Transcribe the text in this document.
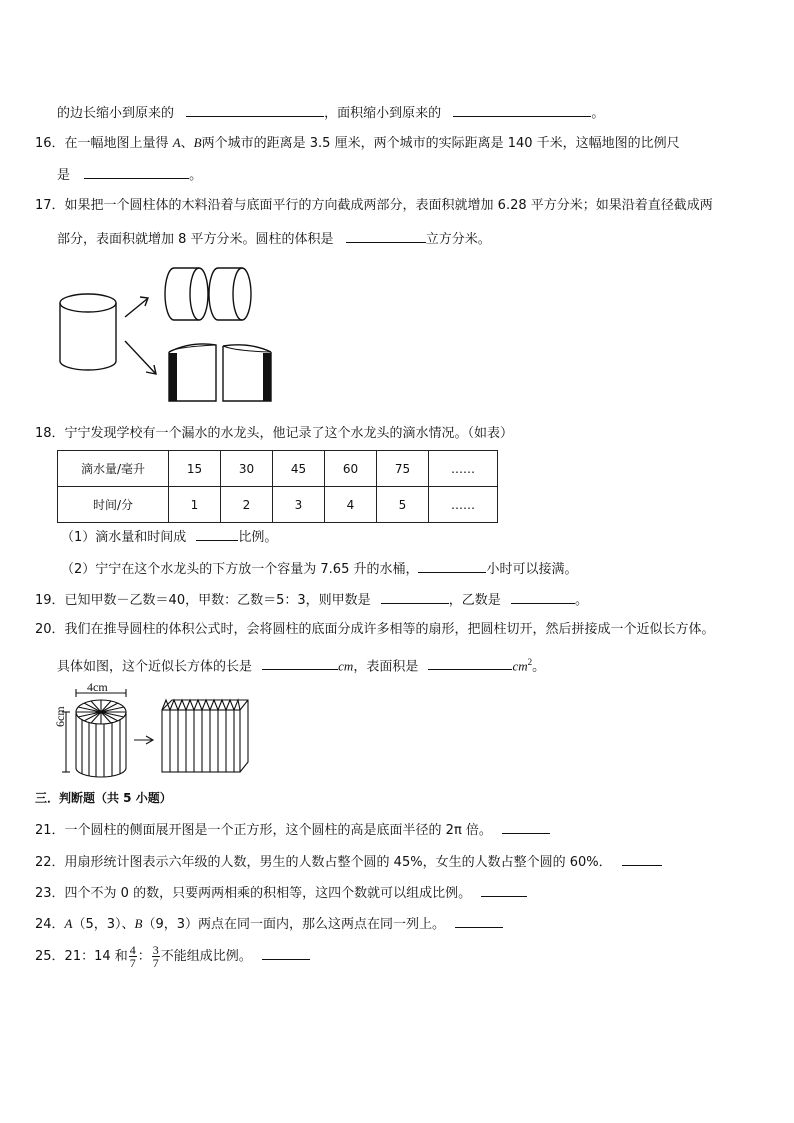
的边长缩小到原来的	，面积缩小到原来的	。
16．在一幅地图上量得 A、B两个城市的距离是 3.5 厘米，两个城市的实际距离是 140 千米，这幅地图的比例尺
是	。
17．如果把一个圆柱体的木料沿着与底面平行的方向截成两部分，表面积就增加 6.28 平方分米；如果沿着直径截成两
部分，表面积就增加 8 平方分米。圆柱的体积是	立方分米。
18．宁宁发现学校有一个漏水的水龙头，他记录了这个水龙头的滴水情况。（如表）
滴水量/毫升	15	30	45	60	75	……
时间/分	1	2	3	4	5	……
（1）滴水量和时间成	比例。
（2）宁宁在这个水龙头的下方放一个容量为 7.65 升的水桶，	小时可以接满。
19．已知甲数－乙数＝40，甲数：乙数＝5：3，则甲数是	，乙数是	。
20．我们在推导圆柱的体积公式时，会将圆柱的底面分成许多相等的扇形，把圆柱切开，然后拼接成一个近似长方体。
具体如图，这个近似长方体的长是	cm，表面积是	$cm^2$。
4cm
6cm
三．判断题（共 5 小题）
21．一个圆柱的侧面展开图是一个正方形，这个圆柱的高是底面半径的 2π 倍。
22．用扇形统计图表示六年级的人数，男生的人数占整个圆的 45%，女生的人数占整个圆的 60%．
23．四个不为 0 的数，只要两两相乘的积相等，这四个数就可以组成比例。
24．A（5，3）、B（9，3）两点在同一面内，那么这两点在同一列上。
25．21：14 和 $\frac{4}{7}$ ： $\frac{3}{7}$ 不能组成比例。
